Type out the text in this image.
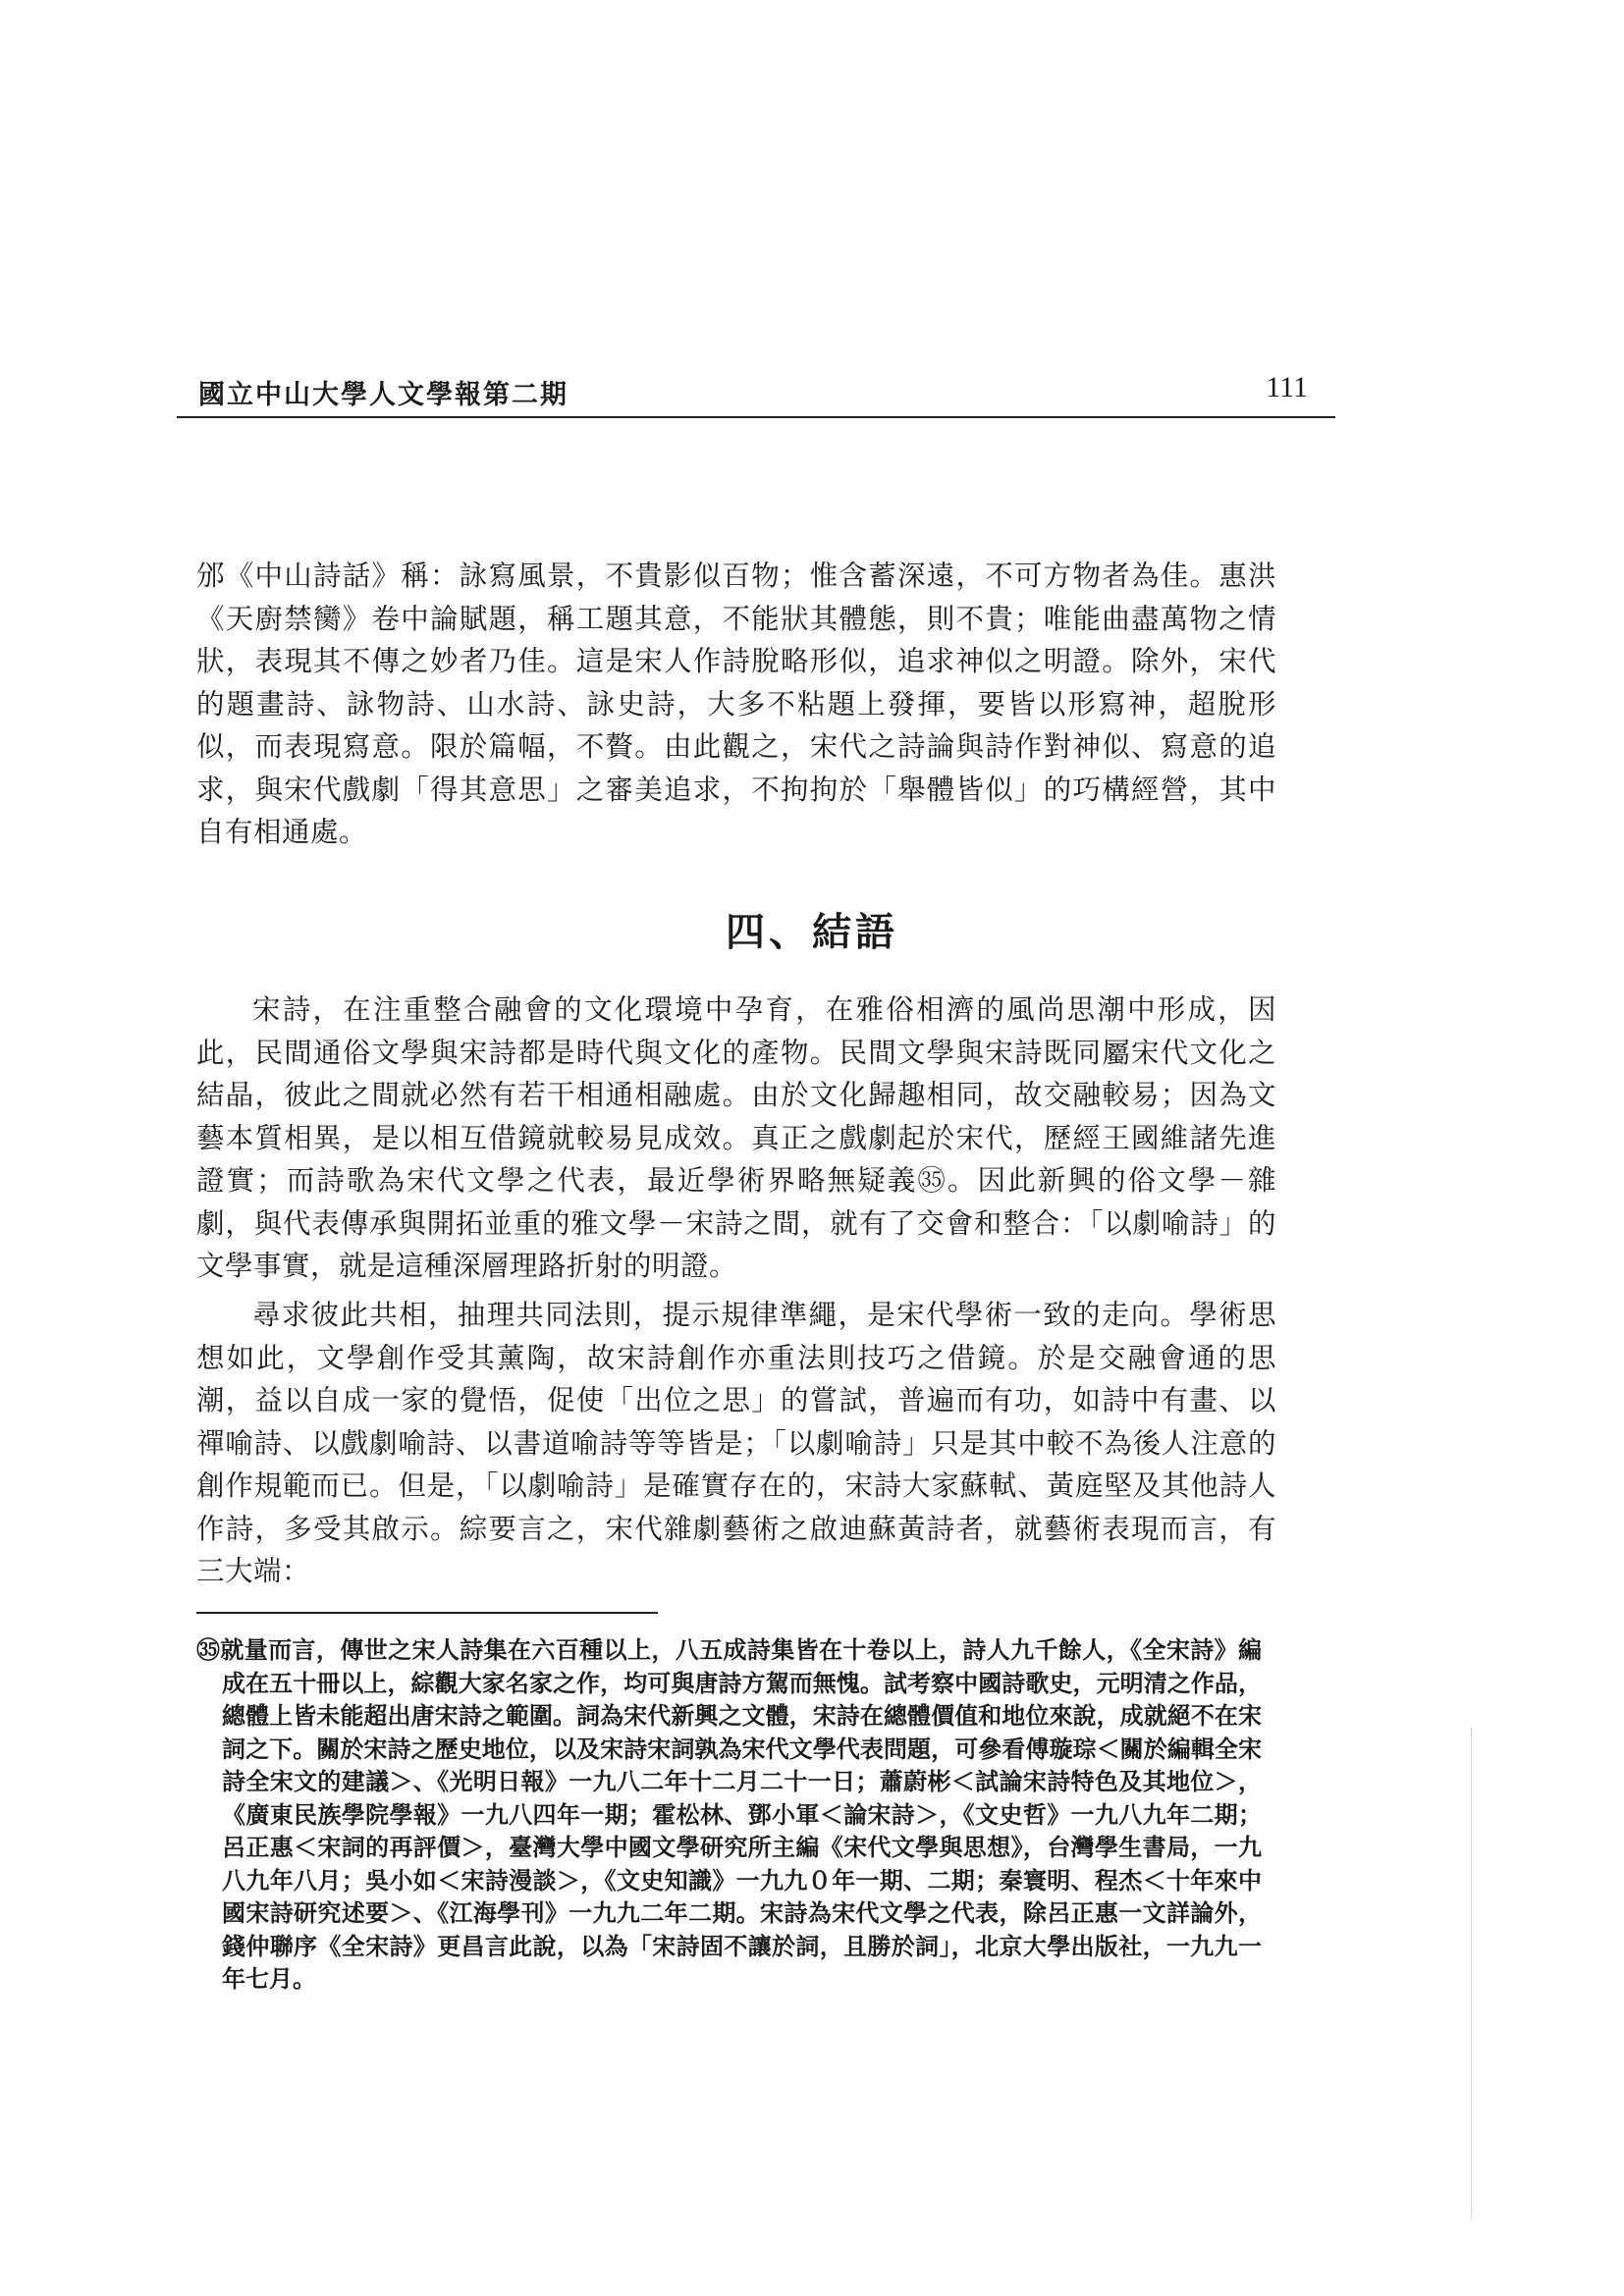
國立中山大學人文學報第二期	111

邠《中山詩話》稱：詠寫風景，不貴影似百物；惟含蓄深遠，不可方物者為佳。惠洪《天廚禁臠》卷中論賦題，稱工題其意，不能狀其體態，則不貴；唯能曲盡萬物之情狀，表現其不傳之妙者乃佳。這是宋人作詩脫略形似，追求神似之明證。除外，宋代的題畫詩、詠物詩、山水詩、詠史詩，大多不粘題上發揮，要皆以形寫神，超脫形似，而表現寫意。限於篇幅，不贅。由此觀之，宋代之詩論與詩作對神似、寫意的追求，與宋代戲劇「得其意思」之審美追求，不拘拘於「舉體皆似」的巧構經營，其中自有相通處。

四、結語

宋詩，在注重整合融會的文化環境中孕育，在雅俗相濟的風尚思潮中形成，因此，民間通俗文學與宋詩都是時代與文化的產物。民間文學與宋詩既同屬宋代文化之結晶，彼此之間就必然有若干相通相融處。由於文化歸趣相同，故交融較易；因為文藝本質相異，是以相互借鏡就較易見成效。真正之戲劇起於宋代，歷經王國維諸先進證實；而詩歌為宋代文學之代表，最近學術界略無疑義㉟。因此新興的俗文學－雜劇，與代表傳承與開拓並重的雅文學－宋詩之間，就有了交會和整合：「以劇喻詩」的文學事實，就是這種深層理路折射的明證。

尋求彼此共相，抽理共同法則，提示規律準繩，是宋代學術一致的走向。學術思想如此，文學創作受其薰陶，故宋詩創作亦重法則技巧之借鏡。於是交融會通的思潮，益以自成一家的覺悟，促使「出位之思」的嘗試，普遍而有功，如詩中有畫、以禪喻詩、以戲劇喻詩、以書道喻詩等等皆是；「以劇喻詩」只是其中較不為後人注意的創作規範而已。但是，「以劇喻詩」是確實存在的，宋詩大家蘇軾、黃庭堅及其他詩人作詩，多受其啟示。綜要言之，宋代雜劇藝術之啟迪蘇黃詩者，就藝術表現而言，有三大端：

㉟就量而言，傳世之宋人詩集在六百種以上，八五成詩集皆在十卷以上，詩人九千餘人，《全宋詩》編成在五十冊以上，綜觀大家名家之作，均可與唐詩方駕而無愧。試考察中國詩歌史，元明清之作品，總體上皆未能超出唐宋詩之範圍。詞為宋代新興之文體，宋詩在總體價值和地位來說，成就絕不在宋詞之下。關於宋詩之歷史地位，以及宋詩宋詞孰為宋代文學代表問題，可參看傅璇琮＜關於編輯全宋詩全宋文的建議＞、《光明日報》一九八二年十二月二十一日；蕭蔚彬＜試論宋詩特色及其地位＞，《廣東民族學院學報》一九八四年一期；霍松林、鄧小軍＜論宋詩＞，《文史哲》一九八九年二期；呂正惠＜宋詞的再評價＞，臺灣大學中國文學研究所主編《宋代文學與思想》，台灣學生書局，一九八九年八月；吳小如＜宋詩漫談＞，《文史知識》一九九０年一期、二期；秦寰明、程杰＜十年來中國宋詩研究述要＞、《江海學刊》一九九二年二期。宋詩為宋代文學之代表，除呂正惠一文詳論外，錢仲聯序《全宋詩》更昌言此說，以為「宋詩固不讓於詞，且勝於詞」，北京大學出版社，一九九一年七月。
